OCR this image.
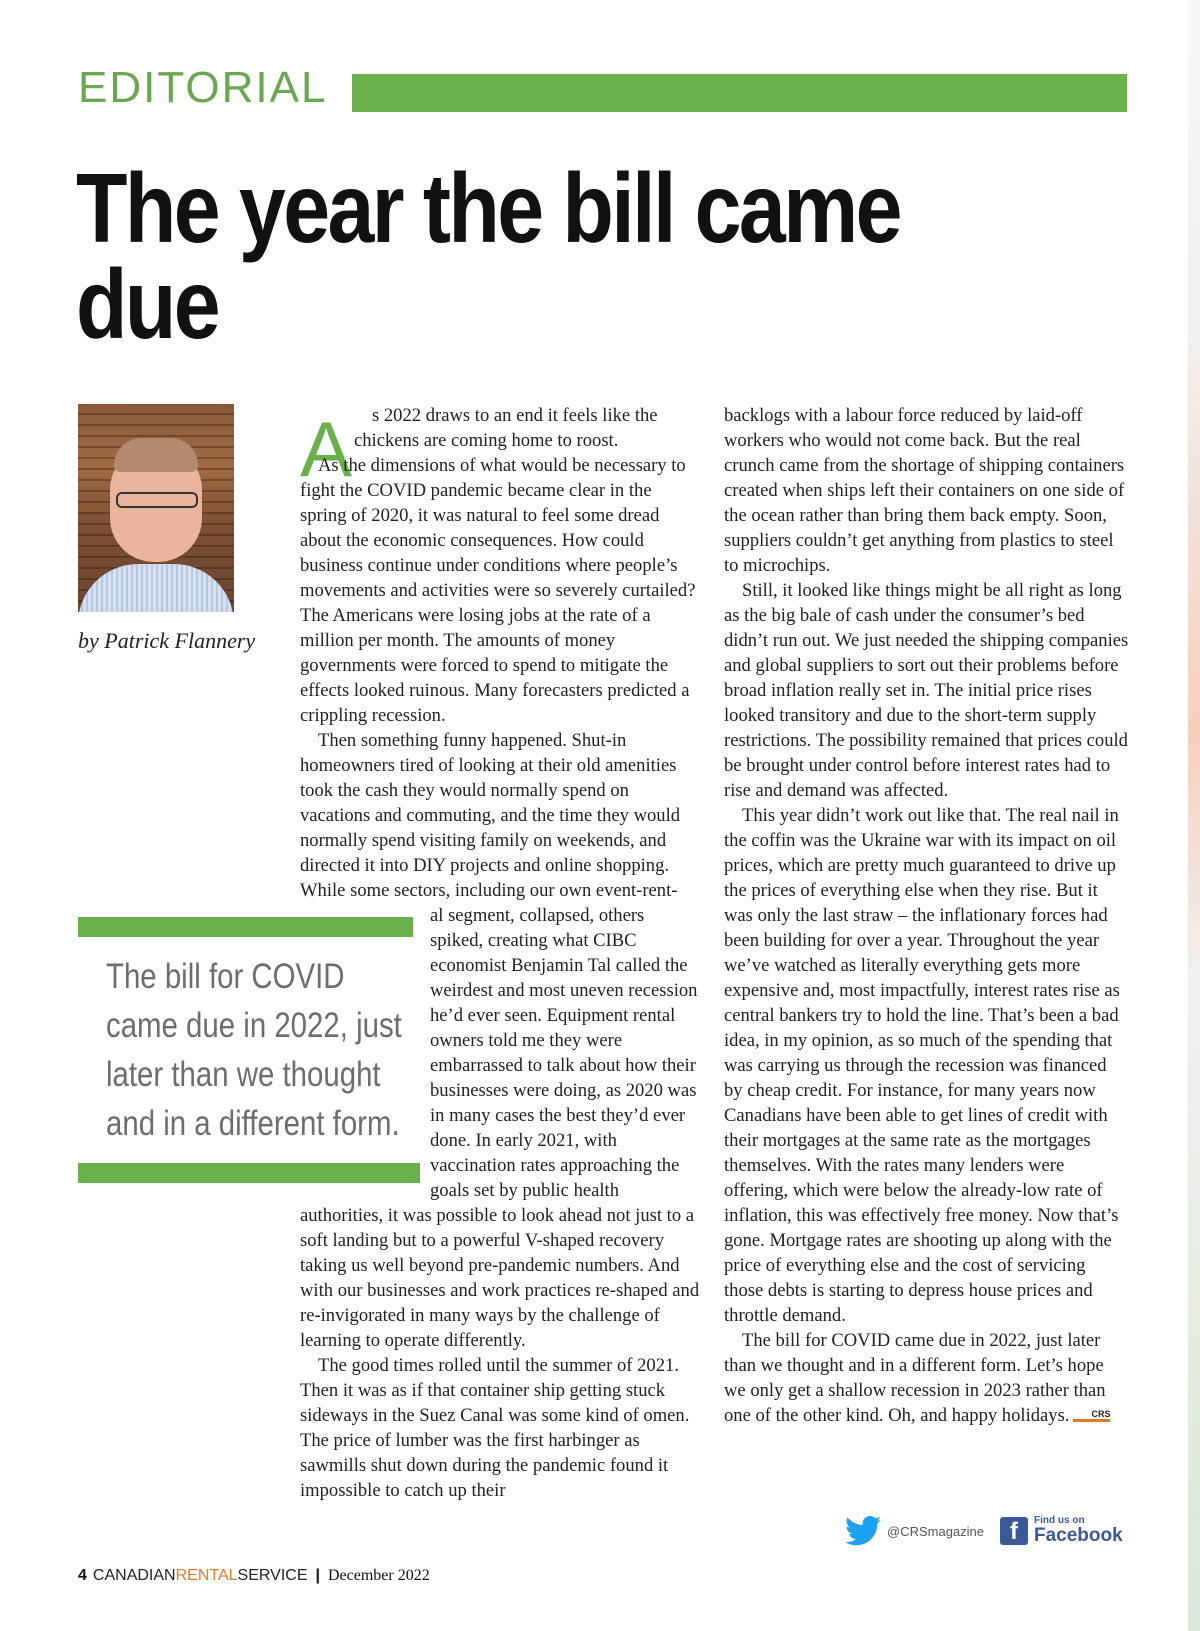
EDITORIAL
The year the bill came due
by Patrick Flannery
A	s 2022 draws to an end it feels like the chickens are coming home to roost.

As the dimensions of what would be necessary to fight the COVID pandemic became clear in the spring of 2020, it was natural to feel some dread about the economic consequences. How could business continue under conditions where people’s movements and activities were so severely curtailed? The Americans were losing jobs at the rate of a million per month. The amounts of money governments were forced to spend to mitigate the effects looked ruinous. Many forecasters predicted a crippling recession.

Then something funny happened. Shut-in homeowners tired of looking at their old amenities took the cash they would normally spend on vacations and commuting, and the time they would normally spend visiting family on weekends, and directed it into DIY projects and online shopping. While some sectors, including our own event-rent-

The bill for COVID came due in 2022, just later than we thought and in a different form.

al segment, collapsed, others spiked, creating what CIBC economist Benjamin Tal called the weirdest and most uneven recession he’d ever seen. Equipment rental owners told me they were embarrassed to talk about how their businesses were doing, as 2020 was in many cases the best they’d ever done. In early 2021, with vaccination rates approaching the goals set by public health

authorities, it was possible to look ahead not just to a soft landing but to a powerful V-shaped recovery taking us well beyond pre-pandemic numbers. And with our businesses and work practices re-shaped and re-invigorated in many ways by the challenge of learning to operate differently.

The good times rolled until the summer of 2021. Then it was as if that container ship getting stuck sideways in the Suez Canal was some kind of omen. The price of lumber was the first harbinger as sawmills shut down during the pandemic found it impossible to catch up their

backlogs with a labour force reduced by laid-off workers who would not come back. But the real crunch came from the shortage of shipping containers created when ships left their containers on one side of the ocean rather than bring them back empty. Soon, suppliers couldn’t get anything from plastics to steel to microchips.

Still, it looked like things might be all right as long as the big bale of cash under the consumer’s bed didn’t run out. We just needed the shipping companies and global suppliers to sort out their problems before broad inflation really set in. The initial price rises looked transitory and due to the short-term supply restrictions. The possibility remained that prices could be brought under control before interest rates had to rise and demand was affected.

This year didn’t work out like that. The real nail in the coffin was the Ukraine war with its impact on oil prices, which are pretty much guaranteed to drive up the prices of everything else when they rise. But it was only the last straw – the inflationary forces had been building for over a year. Throughout the year we’ve watched as literally everything gets more expensive and, most impactfully, interest rates rise as central bankers try to hold the line. That’s been a bad idea, in my opinion, as so much of the spending that was carrying us through the recession was financed by cheap credit. For instance, for many years now Canadians have been able to get lines of credit with their mortgages at the same rate as the mortgages themselves. With the rates many lenders were offering, which were below the already-low rate of inflation, this was effectively free money. Now that’s gone. Mortgage rates are shooting up along with the price of everything else and the cost of servicing those debts is starting to depress house prices and throttle demand.

The bill for COVID came due in 2022, just later than we thought and in a different form. Let’s hope we only get a shallow recession in 2023 rather than one of the other kind. Oh, and happy holidays. CRS

@CRSmagazine	f	Find us on
Facebook
4 CANADIAN RENTAL SERVICE | December 2022
